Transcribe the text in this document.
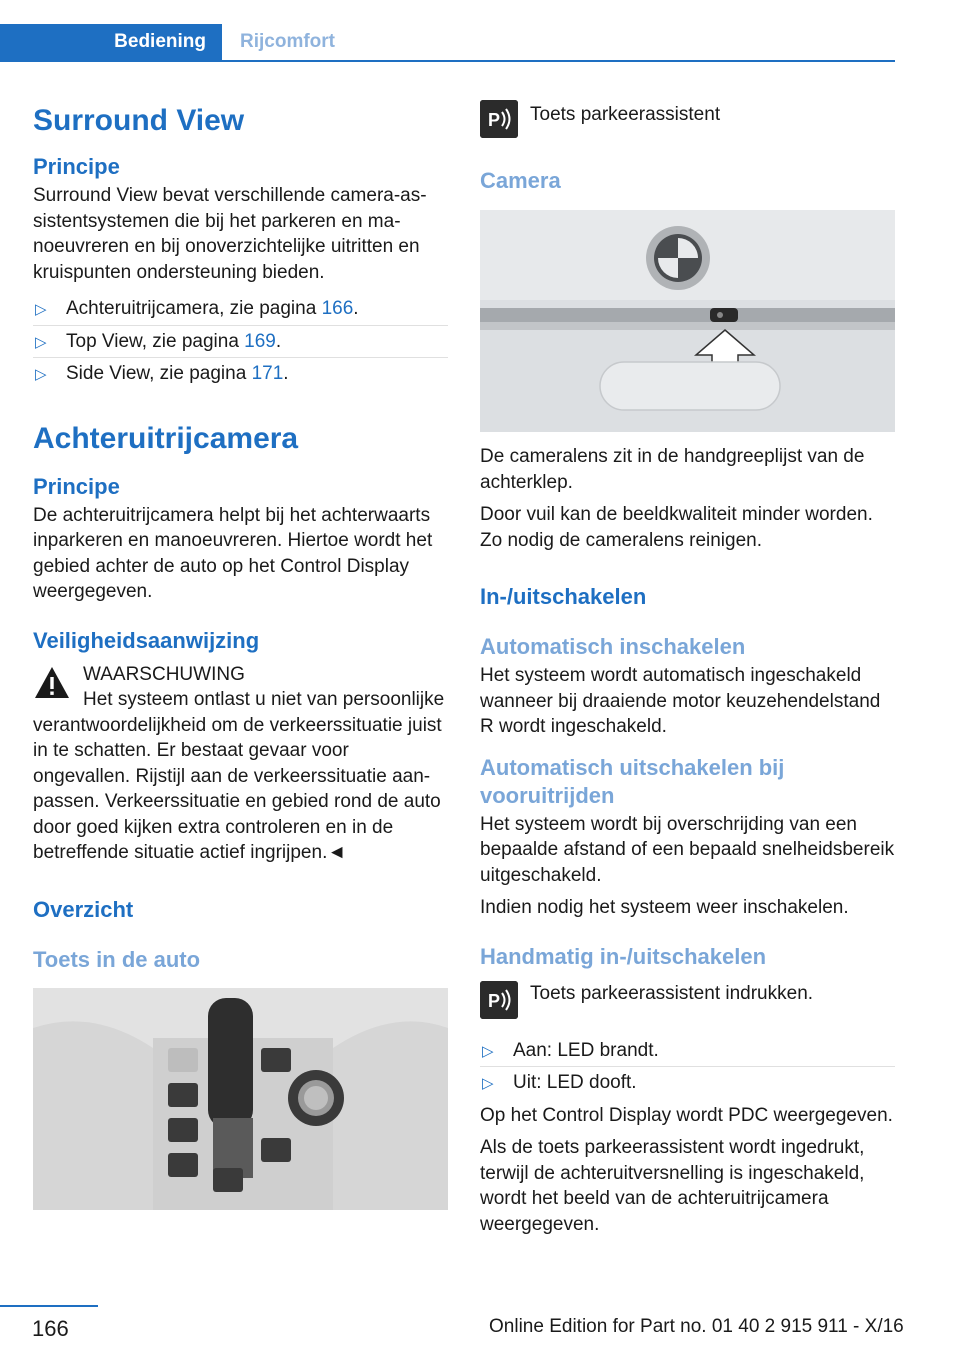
Bediening	Rijcomfort
Surround View
Principe
Surround View bevat verschillende camera-assistentsystemen die bij het parkeren en manoeuvreren en bij onoverzichtelijke uitritten en kruispunten ondersteuning bieden.
▷ Achteruitrijcamera, zie pagina 166.
▷ Top View, zie pagina 169.
▷ Side View, zie pagina 171.
Achteruitrijcamera
Principe
De achteruitrijcamera helpt bij het achterwaarts inparkeren en manoeuvreren. Hiertoe wordt het gebied achter de auto op het Control Display weergegeven.
Veiligheidsaanwijzing
WAARSCHUWING
Het systeem ontlast u niet van persoonlijke verantwoordelijkheid om de verkeerssituatie juist in te schatten. Er bestaat gevaar voor ongevallen. Rijstijl aan de verkeerssituatie aanpassen. Verkeerssituatie en gebied rond de auto door goed kijken extra controleren en in de betreffende situatie actief ingrijpen.◄
Overzicht
Toets in de auto
P Toets parkeerassistent
Camera
De cameralens zit in de handgreeplijst van de achterklep.
Door vuil kan de beeldkwaliteit minder worden. Zo nodig de cameralens reinigen.
In-/uitschakelen
Automatisch inschakelen
Het systeem wordt automatisch ingeschakeld wanneer bij draaiende motor keuzehendelstand R wordt ingeschakeld.
Automatisch uitschakelen bij vooruitrijden
Het systeem wordt bij overschrijding van een bepaalde afstand of een bepaald snelheidsbereik uitgeschakeld.
Indien nodig het systeem weer inschakelen.
Handmatig in-/uitschakelen
P Toets parkeerassistent indrukken.
▷ Aan: LED brandt.
▷ Uit: LED dooft.
Op het Control Display wordt PDC weergegeven.
Als de toets parkeerassistent wordt ingedrukt, terwijl de achteruitversnelling is ingeschakeld, wordt het beeld van de achteruitrijcamera weergegeven.
166	Online Edition for Part no. 01 40 2 915 911 - X/16
